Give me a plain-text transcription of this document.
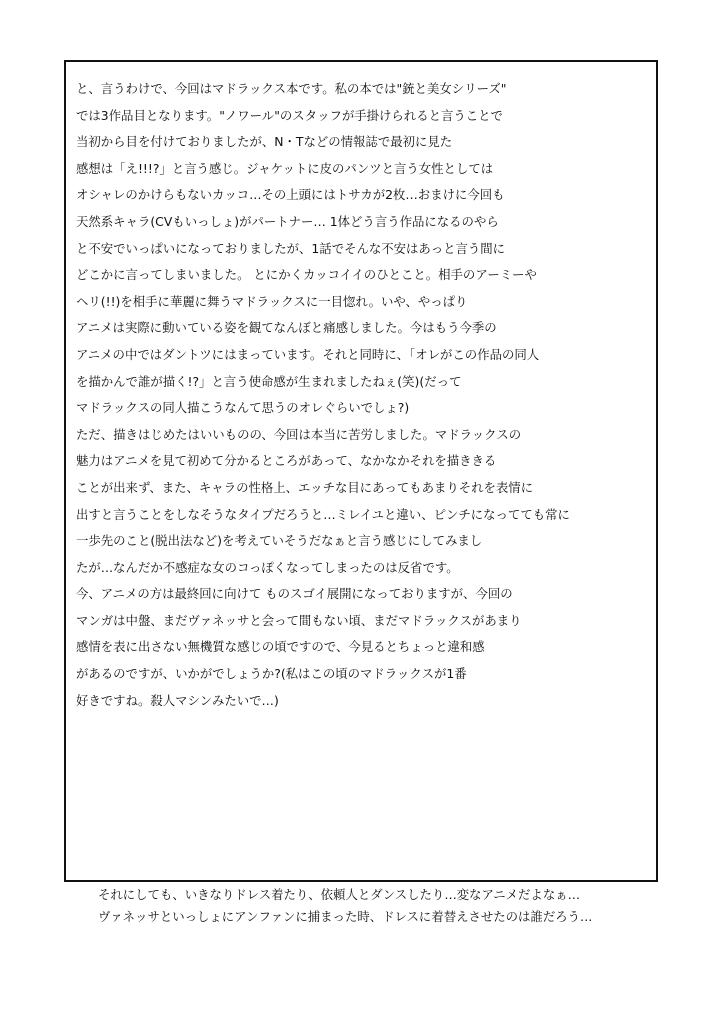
と、言うわけで、今回はマドラックス本です。私の本では"銃と美女シリーズ"
では3作品目となります。"ノワール"のスタッフが手掛けられると言うことで
当初から目を付けておりましたが、N・Tなどの情報誌で最初に見た
感想は「え!!!?」と言う感じ。ジャケットに皮のパンツと言う女性としては
オシャレのかけらもないカッコ…その上頭にはトサカが2枚…おまけに今回も
天然系キャラ(CVもいっしょ)がパートナー… 1体どう言う作品になるのやら
と不安でいっぱいになっておりましたが、1話でそんな不安はあっと言う間に
どこかに言ってしまいました。 とにかくカッコイイのひとこと。相手のアーミーや
ヘリ(!!)を相手に華麗に舞うマドラックスに一目惚れ。いや、やっぱり
アニメは実際に動いている姿を観てなんぼと痛感しました。今はもう今季の
アニメの中ではダントツにはまっています。それと同時に、「オレがこの作品の同人
を描かんで誰が描く!?」と言う使命感が生まれましたねぇ(笑)(だって
マドラックスの同人描こうなんて思うのオレぐらいでしょ?)
ただ、描きはじめたはいいものの、今回は本当に苦労しました。マドラックスの
魅力はアニメを見て初めて分かるところがあって、なかなかそれを描ききる
ことが出来ず、また、キャラの性格上、エッチな目にあってもあまりそれを表情に
出すと言うことをしなそうなタイプだろうと…ミレイユと違い、ピンチになってても常に
一歩先のこと(脱出法など)を考えていそうだなぁと言う感じにしてみまし
たが…なんだか不感症な女のコっぽくなってしまったのは反省です。
今、アニメの方は最終回に向けて ものスゴイ展開になっておりますが、今回の
マンガは中盤、まだヴァネッサと会って間もない頃、まだマドラックスがあまり
感情を表に出さない無機質な感じの頃ですので、今見るとちょっと違和感
があるのですが、いかがでしょうか?(私はこの頃のマドラックスが1番
好きですね。殺人マシンみたいで…)
それにしても、いきなりドレス着たり、依頼人とダンスしたり…変なアニメだよなぁ…
ヴァネッサといっしょにアンファンに捕まった時、ドレスに着替えさせたのは誰だろう…
